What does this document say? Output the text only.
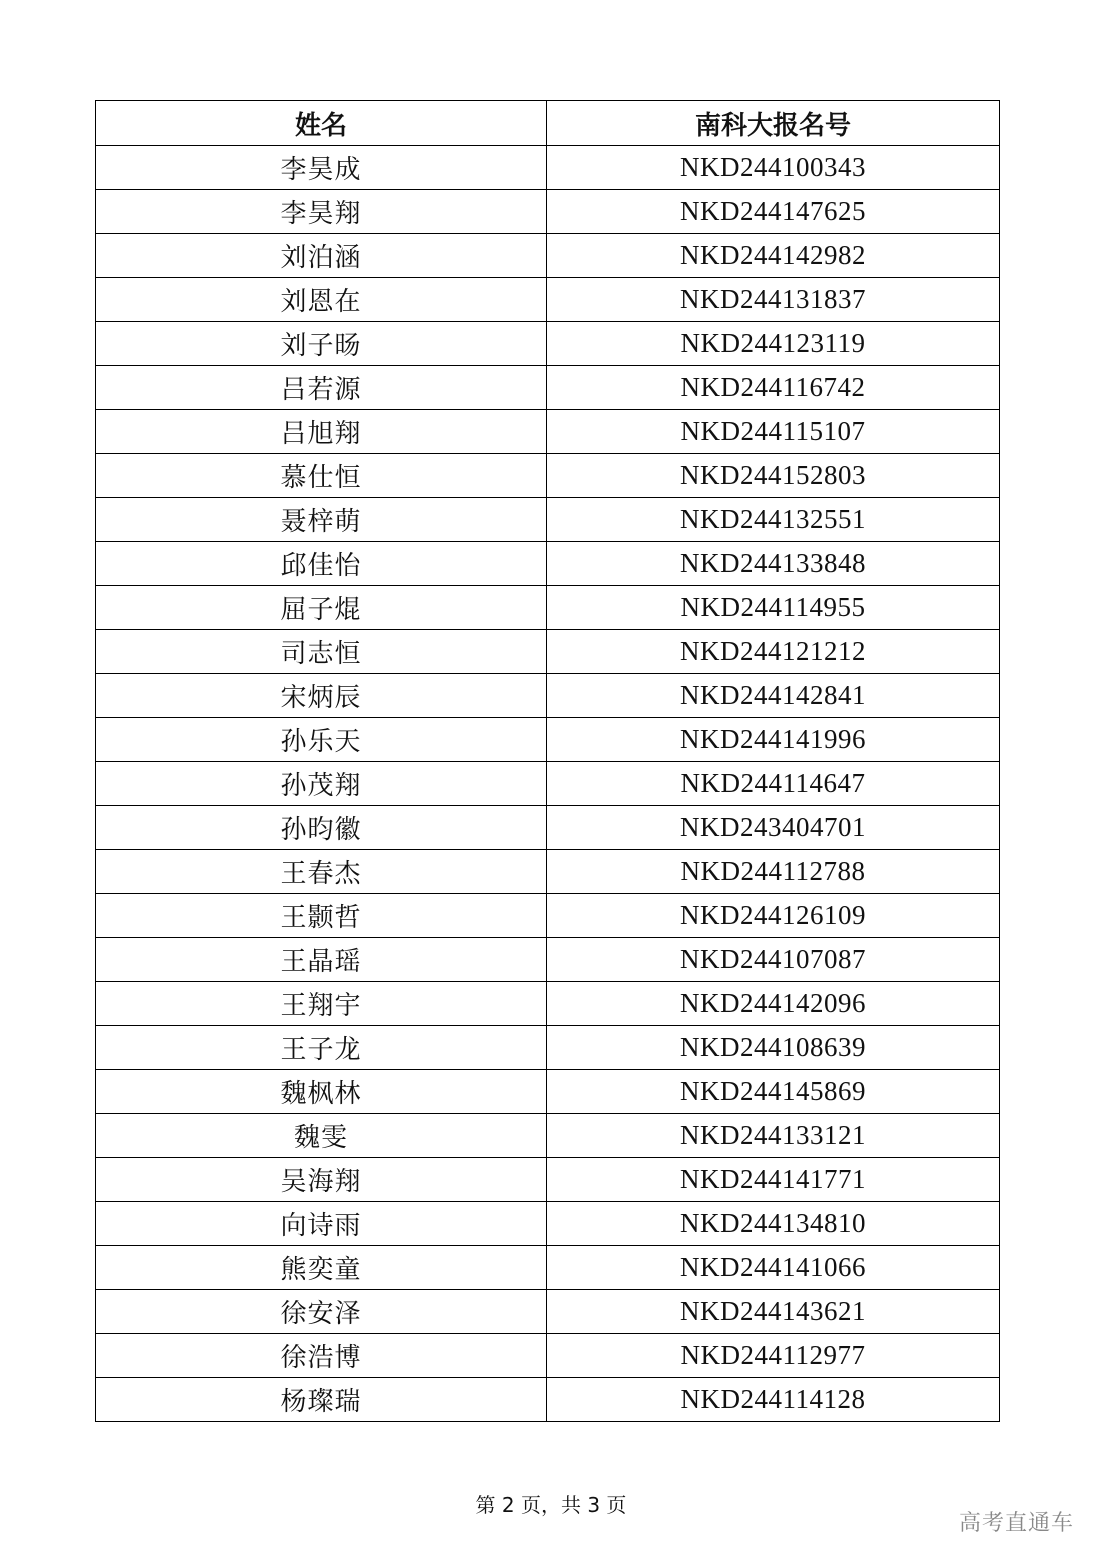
姓名	南科大报名号
李昊成	NKD244100343
李昊翔	NKD244147625
刘泊涵	NKD244142982
刘恩在	NKD244131837
刘子旸	NKD244123119
吕若源	NKD244116742
吕旭翔	NKD244115107
慕仕恒	NKD244152803
聂梓萌	NKD244132551
邱佳怡	NKD244133848
屈子焜	NKD244114955
司志恒	NKD244121212
宋炳辰	NKD244142841
孙乐天	NKD244141996
孙茂翔	NKD244114647
孙昀徽	NKD243404701
王春杰	NKD244112788
王颢哲	NKD244126109
王晶瑶	NKD244107087
王翔宇	NKD244142096
王子龙	NKD244108639
魏枫林	NKD244145869
魏雯	NKD244133121
吴海翔	NKD244141771
向诗雨	NKD244134810
熊奕童	NKD244141066
徐安泽	NKD244143621
徐浩博	NKD244112977
杨璨瑞	NKD244114128
第 2 页，共 3 页
高考直通车
